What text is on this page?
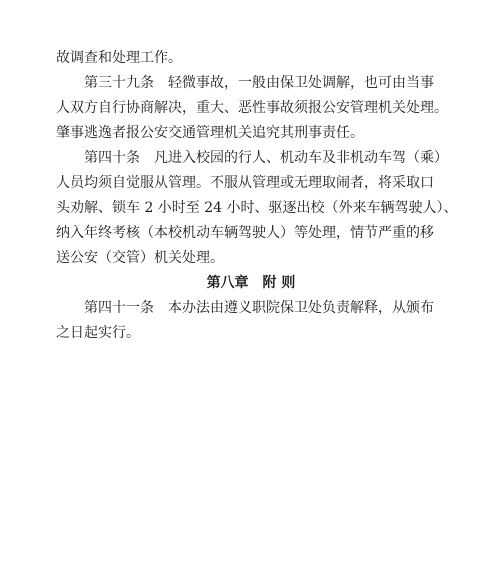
故调查和处理工作。
第三十九条　轻微事故，一般由保卫处调解，也可由当事
人双方自行协商解决，重大、恶性事故须报公安管理机关处理。
肇事逃逸者报公安交通管理机关追究其刑事责任。
第四十条　凡进入校园的行人、机动车及非机动车驾（乘）
人员均须自觉服从管理。不服从管理或无理取闹者，将采取口
头劝解、锁车 2 小时至 24 小时、驱逐出校（外来车辆驾驶人）、
纳入年终考核（本校机动车辆驾驶人）等处理，情节严重的移
送公安（交管）机关处理。
第八章　附 则
第四十一条　本办法由遵义职院保卫处负责解释，从颁布
之日起实行。
